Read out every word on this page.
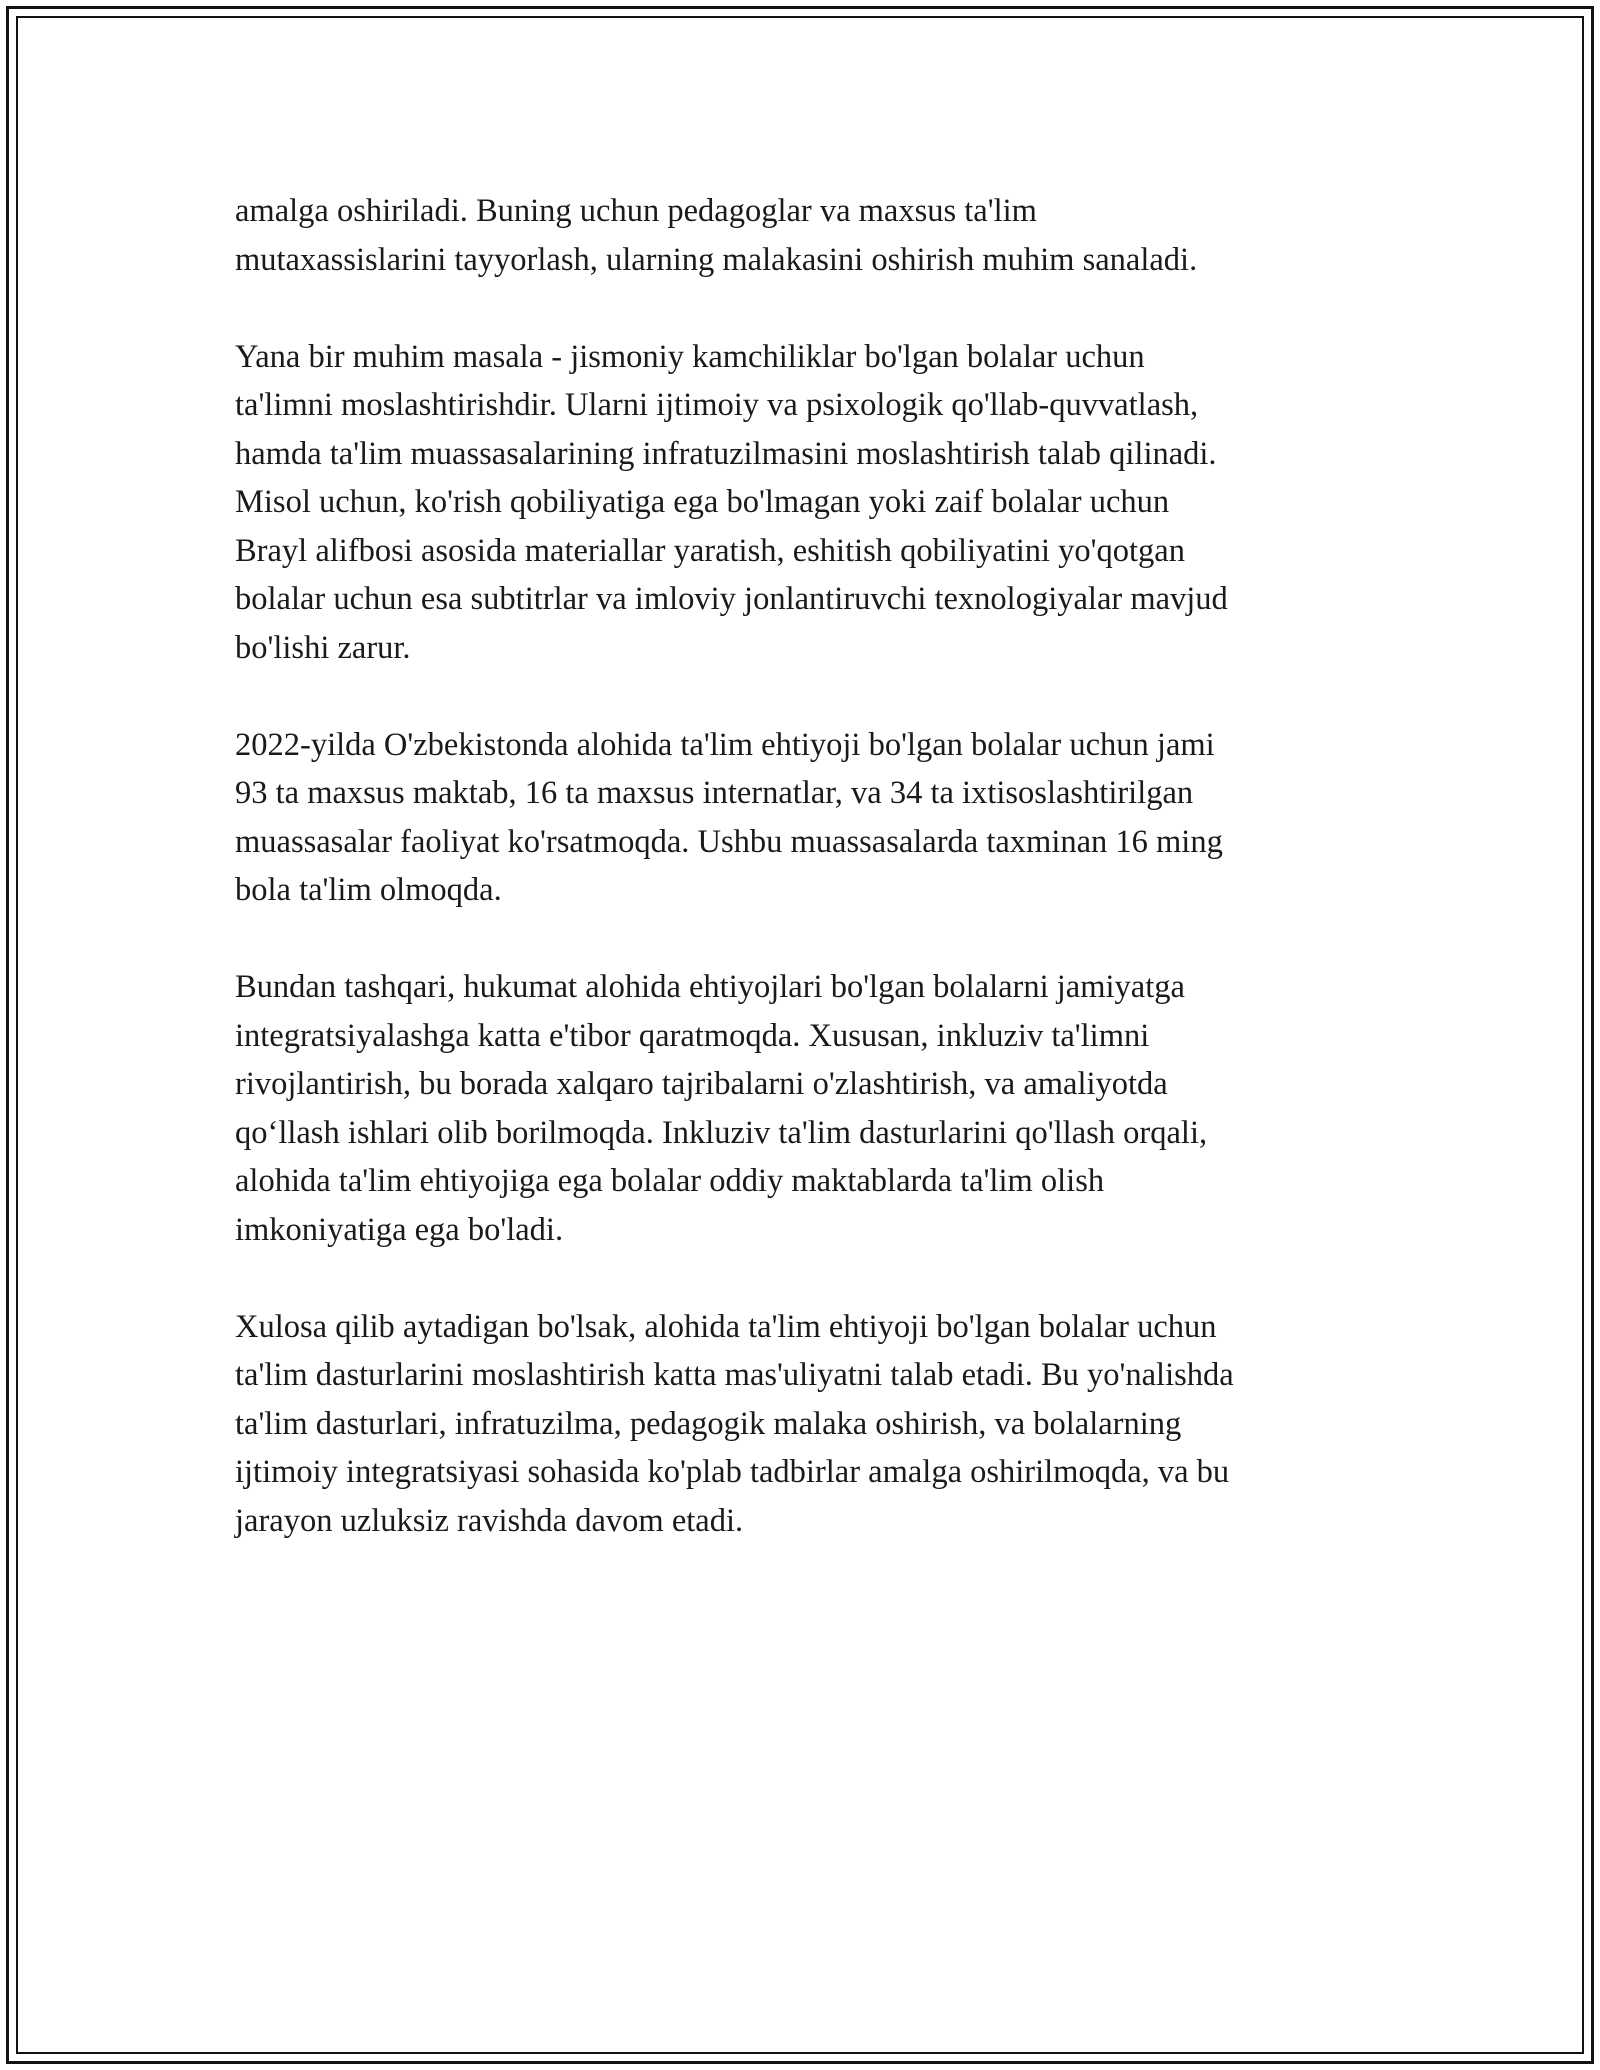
amalga oshiriladi. Buning uchun pedagoglar va maxsus ta'lim
mutaxassislarini tayyorlash, ularning malakasini oshirish muhim sanaladi.

Yana bir muhim masala - jismoniy kamchiliklar bo'lgan bolalar uchun
ta'limni moslashtirishdir. Ularni ijtimoiy va psixologik qo'llab-quvvatlash,
hamda ta'lim muassasalarining infratuzilmasini moslashtirish talab qilinadi.
Misol uchun, ko'rish qobiliyatiga ega bo'lmagan yoki zaif bolalar uchun
Brayl alifbosi asosida materiallar yaratish, eshitish qobiliyatini yo'qotgan
bolalar uchun esa subtitrlar va imloviy jonlantiruvchi texnologiyalar mavjud
bo'lishi zarur.

2022-yilda O'zbekistonda alohida ta'lim ehtiyoji bo'lgan bolalar uchun jami
93 ta maxsus maktab, 16 ta maxsus internatlar, va 34 ta ixtisoslashtirilgan
muassasalar faoliyat ko'rsatmoqda. Ushbu muassasalarda taxminan 16 ming
bola ta'lim olmoqda.

Bundan tashqari, hukumat alohida ehtiyojlari bo'lgan bolalarni jamiyatga
integratsiyalashga katta e'tibor qaratmoqda. Xususan, inkluziv ta'limni
rivojlantirish, bu borada xalqaro tajribalarni o'zlashtirish, va amaliyotda
qo‘llash ishlari olib borilmoqda. Inkluziv ta'lim dasturlarini qo'llash orqali,
alohida ta'lim ehtiyojiga ega bolalar oddiy maktablarda ta'lim olish
imkoniyatiga ega bo'ladi.

Xulosa qilib aytadigan bo'lsak, alohida ta'lim ehtiyoji bo'lgan bolalar uchun
ta'lim dasturlarini moslashtirish katta mas'uliyatni talab etadi. Bu yo'nalishda
ta'lim dasturlari, infratuzilma, pedagogik malaka oshirish, va bolalarning
ijtimoiy integratsiyasi sohasida ko'plab tadbirlar amalga oshirilmoqda, va bu
jarayon uzluksiz ravishda davom etadi.
